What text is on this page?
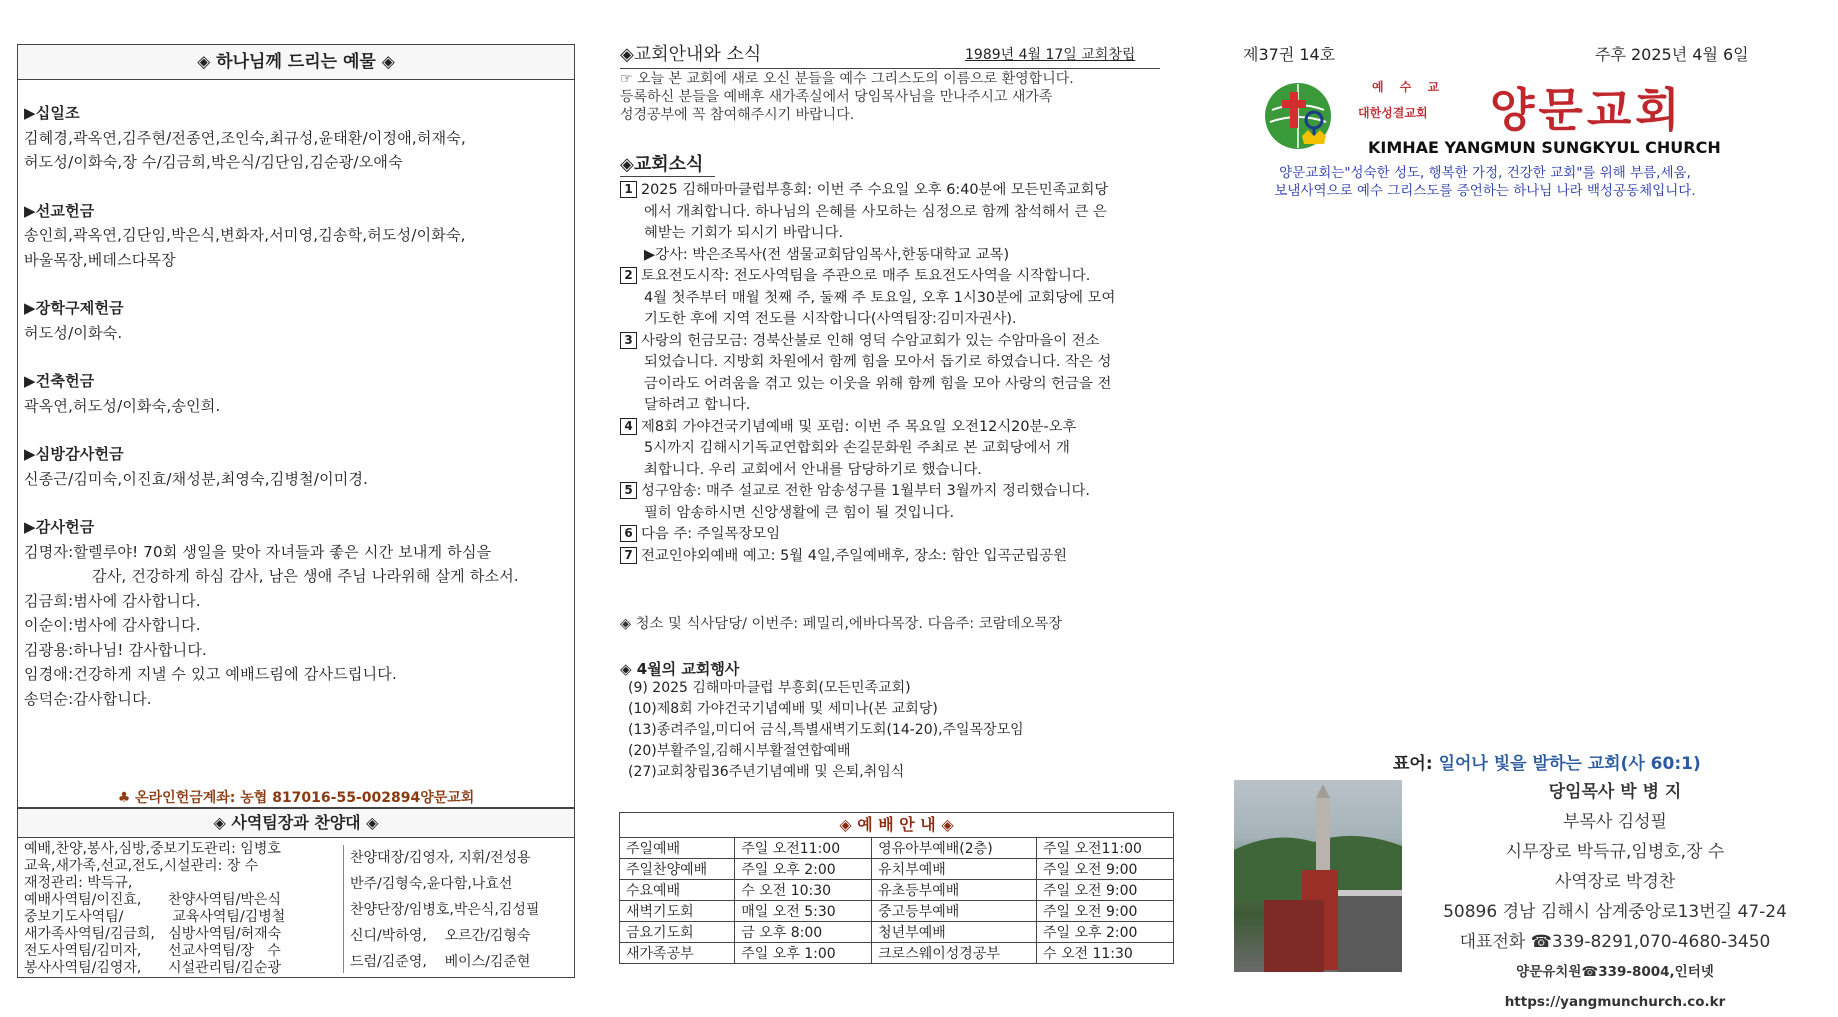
◈ 하나님께 드리는 예물 ◈
▶십일조
김혜경,곽옥연,김주현/전종연,조인숙,최규성,윤태환/이정애,허재숙,
허도성/이화숙,장 수/김금희,박은식/김단임,김순광/오애숙
▶선교헌금
송인희,곽옥연,김단임,박은식,변화자,서미영,김송학,허도성/이화숙,
바울목장,베데스다목장
▶장학구제헌금
허도성/이화숙.
▶건축헌금
곽옥연,허도성/이화숙,송인희.
▶심방감사헌금
신종근/김미숙,이진효/채성분,최영숙,김병철/이미경.
▶감사헌금
김명자: 할렐루야! 70회 생일을 맞아 자녀들과 좋은 시간 보내게 하심을
감사, 건강하게 하심 감사, 남은 생애 주님 나라위해 살게 하소서.
김금희: 범사에 감사합니다.
이순이: 범사에 감사합니다.
김광용: 하나님! 감사합니다.
임경애: 건강하게 지낼 수 있고 예배드림에 감사드립니다.
송덕순: 감사합니다.
♣ 온라인헌금계좌: 농협 817016-55-002894양문교회
◈ 사역팀장과 찬양대 ◈
예배,찬양,봉사,심방,중보기도관리: 임병호
교육,새가족,선교,전도,시설관리: 장 수
재정관리: 박득규,
예배사역팀/이진효,      찬양사역팀/박은식
중보기도사역팀/           교육사역팀/김병철
새가족사역팀/김금희,   심방사역팀/허재숙
전도사역팀/김미자,      선교사역팀/장   수
봉사사역팀/김영자,      시설관리팀/김순광
찬양대장/김영자, 지휘/전성용
반주/김형숙,윤다함,나효선
찬양단장/임병호,박은식,김성필
신디/박하영,    오르간/김형숙
드럼/김준영,    베이스/김준현
◈교회안내와 소식	1989년 4월 17일 교회창립
☞ 오늘 본 교회에 새로 오신 분들을 예수 그리스도의 이름으로 환영합니다.
등록하신 분들을 예배후 새가족실에서 당임목사님을 만나주시고 새가족
성경공부에 꼭 참여해주시기 바랍니다.
◈교회소식
1 2025 김해마마클럽부흥회: 이번 주 수요일 오후 6:40분에 모든민족교회당
에서 개최합니다. 하나님의 은혜를 사모하는 심정으로 함께 참석해서 큰 은
혜받는 기회가 되시기 바랍니다.
▶강사: 박은조목사(전 샘물교회담임목사,한동대학교 교목)
2 토요전도시작: 전도사역팀을 주관으로 매주 토요전도사역을 시작합니다.
4월 첫주부터 매월 첫째 주, 둘째 주 토요일, 오후 1시30분에 교회당에 모여
기도한 후에 지역 전도를 시작합니다(사역팀장:김미자권사).
3 사랑의 헌금모금: 경북산불로 인해 영덕 수암교회가 있는 수암마을이 전소
되었습니다. 지방회 차원에서 함께 힘을 모아서 돕기로 하였습니다. 작은 성
금이라도 어려움을 겪고 있는 이웃을 위해 함께 힘을 모아 사랑의 헌금을 전
달하려고 합니다.
4 제8회 가야건국기념예배 및 포럼: 이번 주 목요일 오전12시20분-오후
5시까지 김해시기독교연합회와 손길문화원 주최로 본 교회당에서 개
최합니다. 우리 교회에서 안내를 담당하기로 했습니다.
5 성구암송: 매주 설교로 전한 암송성구를 1월부터 3월까지 정리했습니다.
필히 암송하시면 신앙생활에 큰 힘이 될 것입니다.
6 다음 주: 주일목장모임
7 전교인야외예배 예고: 5월 4일,주일예배후, 장소: 함안 입곡군립공원
◈ 청소 및 식사담당/ 이번주: 페밀리,에바다목장. 다음주: 코람데오목장
◈ 4월의 교회행사
(9) 2025 김해마마클럽 부흥회(모든민족교회)
(10)제8회 가야건국기념예배 및 세미나(본 교회당)
(13)종려주일,미디어 금식,특별새벽기도회(14-20),주일목장모임
(20)부활주일,김해시부활절연합예배
(27)교회창립36주년기념예배 및 은퇴,취임식
◈ 예 배 안 내 ◈
주일예배	주일 오전11:00	영유아부예배(2층)	주일 오전11:00
주일찬양예배	주일 오후 2:00	유치부예배	주일 오전 9:00
수요예배	수 오전 10:30	유초등부예배	주일 오전 9:00
새벽기도회	매일 오전 5:30	중고등부예배	주일 오전 9:00
금요기도회	금 오후 8:00	청년부예배	주일 오후 2:00
새가족공부	주일 오후 1:00	크로스웨이성경공부	수 오전 11:30
제37권 14호	주후 2025년 4월 6일
예 수 교
대한성결교회 양문교회
KIMHAE YANGMUN SUNGKYUL CHURCH
양문교회는"성숙한 성도, 행복한 가정, 건강한 교회"를 위해 부름,세움,
보냄사역으로 예수 그리스도를 증언하는 하나님 나라 백성공동체입니다.
표어: 일어나 빛을 발하는 교회(사 60:1)
당임목사 박 병 지
부목사 김성필
시무장로 박득규,임병호,장 수
사역장로 박경찬
50896 경남 김해시 삼계중앙로13번길 47-24
대표전화 ☎339-8291,070-4680-3450
양문유치원☎339-8004,인터넷 https://yangmunchurch.co.kr
